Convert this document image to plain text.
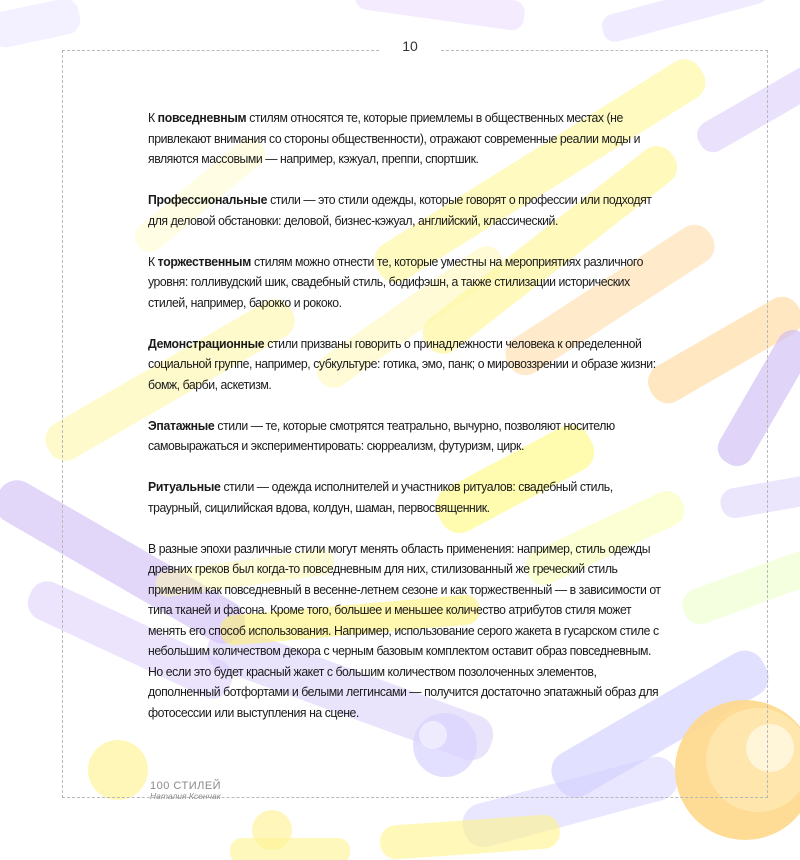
10

К повседневным стилям относятся те, которые приемлемы в общественных местах (не привлекают внимания со стороны общественности), отражают современные реалии моды и являются массовыми — например, кэжуал, преппи, спортшик.

Профессиональные стили — это стили одежды, которые говорят о профессии или подходят для деловой обстановки: деловой, бизнес-кэжуал, английский, классический.

К торжественным стилям можно отнести те, которые уместны на мероприятиях различного уровня: голливудский шик, свадебный стиль, бодифэшн, а также стилизации исторических стилей, например, барокко и рококо.

Демонстрационные стили призваны говорить о принадлежности человека к определенной социальной группе, например, субкультуре: готика, эмо, панк; о мировоззрении и образе жизни: бомж, барби, аскетизм.

Эпатажные стили — те, которые смотрятся театрально, вычурно, позволяют носителю самовыражаться и экспериментировать: сюрреализм, футуризм, цирк.

Ритуальные стили — одежда исполнителей и участников ритуалов: свадебный стиль, траурный, сицилийская вдова, колдун, шаман, первосвященник.

В разные эпохи различные стили могут менять область применения: например, стиль одежды древних греков был когда-то повседневным для них, стилизованный же греческий стиль применим как повседневный в весенне-летнем сезоне и как торжественный — в зависимости от типа тканей и фасона. Кроме того, большее и меньшее количество атрибутов стиля может менять его способ использования. Например, использование серого жакета в гусарском стиле с небольшим количеством декора с черным базовым комплектом оставит образ повседневным. Но если это будет красный жакет с большим количеством позолоченных элементов, дополненный ботфортами и белыми леггинсами — получится достаточно эпатажный образ для фотосессии или выступления на сцене.

100 СТИЛЕЙ
Наталия Ксенчак
